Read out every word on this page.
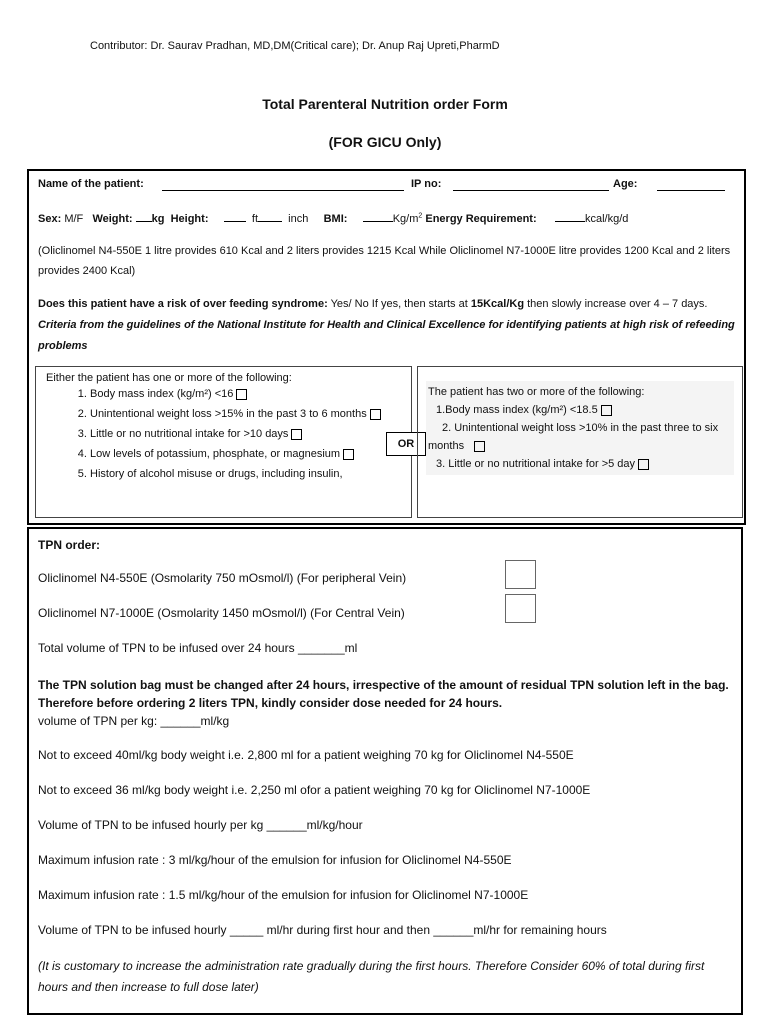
Contributor: Dr. Saurav Pradhan, MD,DM(Critical care); Dr. Anup Raj Upreti,PharmD
Total Parenteral Nutrition order Form
(FOR GICU Only)
Name of the patient:	IP no:	Age:
Sex: M/F Weight: kg Height:	ft	inch BMI:	$Kg/m^2$ Energy Requirement:	kcal/kg/d
(Oliclinomel N4-550E 1 litre provides 610 Kcal and 2 liters provides 1215 Kcal While Oliclinomel N7-1000E litre provides 1200 Kcal and 2 liters provides 2400 Kcal)
Does this patient have a risk of over feeding syndrome: Yes/ No If yes, then starts at 15Kcal/Kg then slowly increase over 4 – 7 days. Criteria from the guidelines of the National Institute for Health and Clinical Excellence for identifying patients at high risk of refeeding problems
Either the patient has one or more of the following:
1. Body mass index (kg/m²) <16
2. Unintentional weight loss >15% in the past 3 to 6 months
3. Little or no nutritional intake for >10 days
4. Low levels of potassium, phosphate, or magnesium
5. History of alcohol misuse or drugs, including insulin,
OR
The patient has two or more of the following:
1.Body mass index (kg/m²) <18.5
2. Unintentional weight loss >10% in the past three to six months
3. Little or no nutritional intake for >5 day
TPN order:
Oliclinomel N4-550E (Osmolarity 750 mOsmol/l) (For peripheral Vein)
Oliclinomel N7-1000E (Osmolarity 1450 mOsmol/l) (For Central Vein)
Total volume of TPN to be infused over 24 hours _______ml
The TPN solution bag must be changed after 24 hours, irrespective of the amount of residual TPN solution left in the bag. Therefore before ordering 2 liters TPN, kindly consider dose needed for 24 hours.
volume of TPN per kg: ______ml/kg
Not to exceed 40ml/kg body weight i.e. 2,800 ml for a patient weighing 70 kg for Oliclinomel N4-550E
Not to exceed 36 ml/kg body weight i.e. 2,250 ml ofor a patient weighing 70 kg for Oliclinomel N7-1000E
Volume of TPN to be infused hourly per kg ______ml/kg/hour
Maximum infusion rate : 3 ml/kg/hour of the emulsion for infusion for Oliclinomel N4-550E
Maximum infusion rate : 1.5 ml/kg/hour of the emulsion for infusion for Oliclinomel N7-1000E
Volume of TPN to be infused hourly _____ ml/hr during first hour and then ______ml/hr for remaining hours
(It is customary to increase the administration rate gradually during the first hours. Therefore Consider 60% of total during first hours and then increase to full dose later)
